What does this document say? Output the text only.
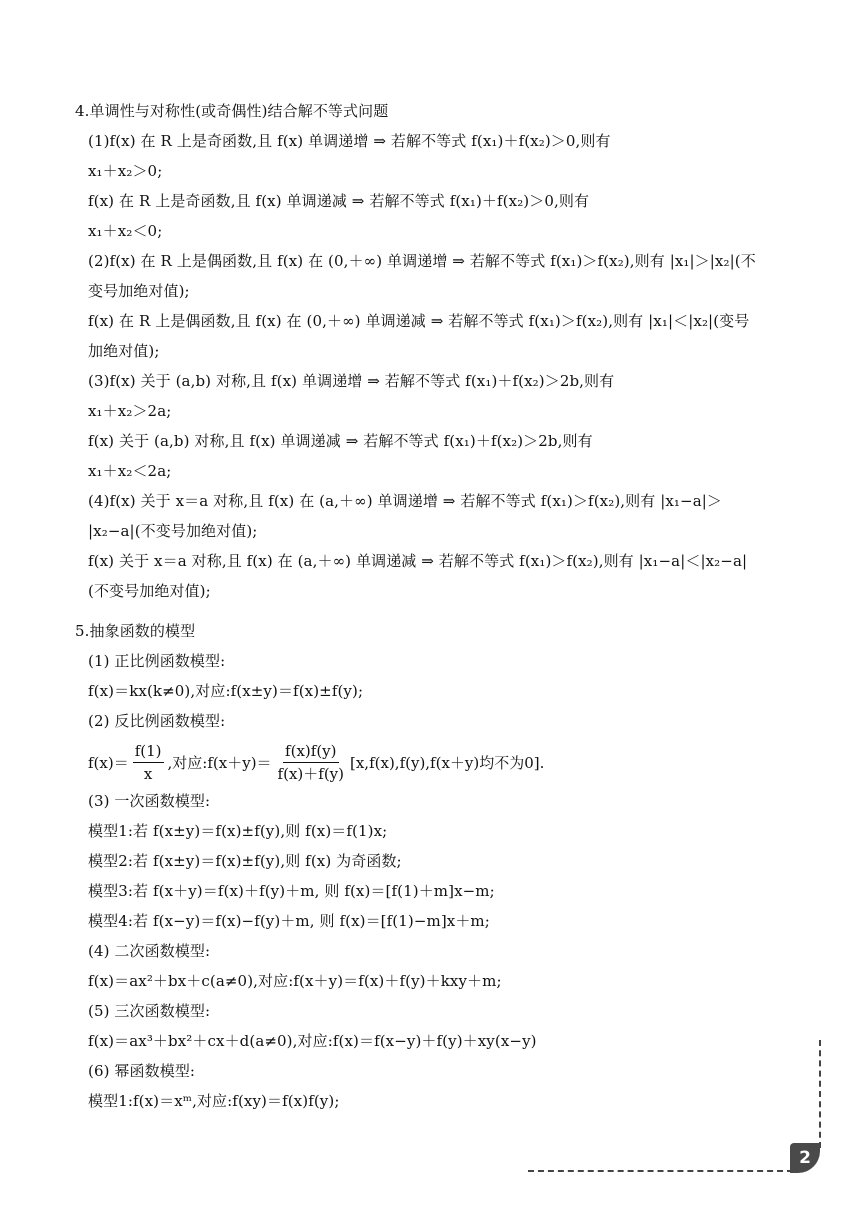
4.单调性与对称性(或奇偶性)结合解不等式问题
(1)f(x) 在 R 上是奇函数,且 f(x) 单调递增 ⇒ 若解不等式 f(x₁)＋f(x₂)＞0,则有
x₁＋x₂＞0;
f(x) 在 R 上是奇函数,且 f(x) 单调递减 ⇒ 若解不等式 f(x₁)＋f(x₂)＞0,则有
x₁＋x₂＜0;
(2)f(x) 在 R 上是偶函数,且 f(x) 在 (0,＋∞) 单调递增 ⇒ 若解不等式 f(x₁)＞f(x₂),则有 |x₁|＞|x₂|(不
变号加绝对值);
f(x) 在 R 上是偶函数,且 f(x) 在 (0,＋∞) 单调递减 ⇒ 若解不等式 f(x₁)＞f(x₂),则有 |x₁|＜|x₂|(变号
加绝对值);
(3)f(x) 关于 (a,b) 对称,且 f(x) 单调递增 ⇒ 若解不等式 f(x₁)＋f(x₂)＞2b,则有
x₁＋x₂＞2a;
f(x) 关于 (a,b) 对称,且 f(x) 单调递减 ⇒ 若解不等式 f(x₁)＋f(x₂)＞2b,则有
x₁＋x₂＜2a;
(4)f(x) 关于 x＝a 对称,且 f(x) 在 (a,＋∞) 单调递增 ⇒ 若解不等式 f(x₁)＞f(x₂),则有 |x₁−a|＞
|x₂−a|(不变号加绝对值);
f(x) 关于 x＝a 对称,且 f(x) 在 (a,＋∞) 单调递减 ⇒ 若解不等式 f(x₁)＞f(x₂),则有 |x₁−a|＜|x₂−a|
(不变号加绝对值);
5.抽象函数的模型
(1) 正比例函数模型:
f(x)＝kx(k≠0),对应:f(x±y)＝f(x)±f(y);
(2) 反比例函数模型:
$f(x)= \frac{f(1)}{x}$ ,对应:f(x＋y)＝ $\frac{f(x)f(y)}{f(x)+f(y)} [x,f(x),f(y),f(x+y)$均不为0].
(3) 一次函数模型:
模型1:若 f(x±y)＝f(x)±f(y),则 f(x)＝f(1)x;
模型2:若 f(x±y)＝f(x)±f(y),则 f(x) 为奇函数;
模型3:若 f(x＋y)＝f(x)＋f(y)＋m, 则 f(x)＝[f(1)＋m]x−m;
模型4:若 f(x−y)＝f(x)−f(y)＋m, 则 f(x)＝[f(1)−m]x＋m;
(4) 二次函数模型:
f(x)＝ax²＋bx＋c(a≠0),对应:f(x＋y)＝f(x)＋f(y)＋kxy＋m;
(5) 三次函数模型:
f(x)＝ax³＋bx²＋cx＋d(a≠0),对应:f(x)＝f(x−y)＋f(y)＋xy(x−y)
(6) 幂函数模型:
模型1:f(x)＝xᵐ,对应:f(xy)＝f(x)f(y);
2
